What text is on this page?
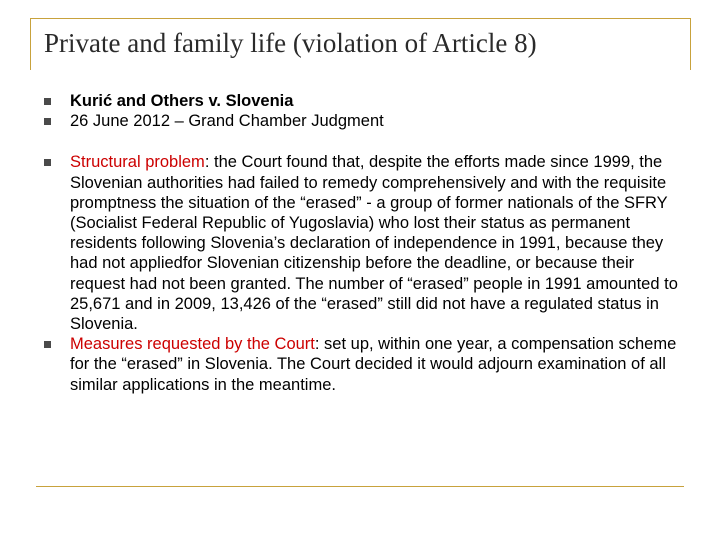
Private and family life (violation of Article 8)
Kurić and Others v. Slovenia
26 June 2012 – Grand Chamber Judgment
Structural problem: the Court found that, despite the efforts made since 1999, the Slovenian authorities had failed to remedy comprehensively and with the requisite promptness the situation of the “erased” - a group of former nationals of the SFRY (Socialist Federal Republic of Yugoslavia) who lost their status as permanent residents following Slovenia’s declaration of independence in 1991, because they had not appliedfor Slovenian citizenship before the deadline, or because their request had not been granted. The number of “erased” people in 1991 amounted to 25,671 and in 2009, 13,426 of the “erased” still did not have a regulated status in Slovenia.
Measures requested by the Court: set up, within one year, a compensation scheme for the “erased” in Slovenia. The Court decided it would adjourn examination of all similar applications in the meantime.
